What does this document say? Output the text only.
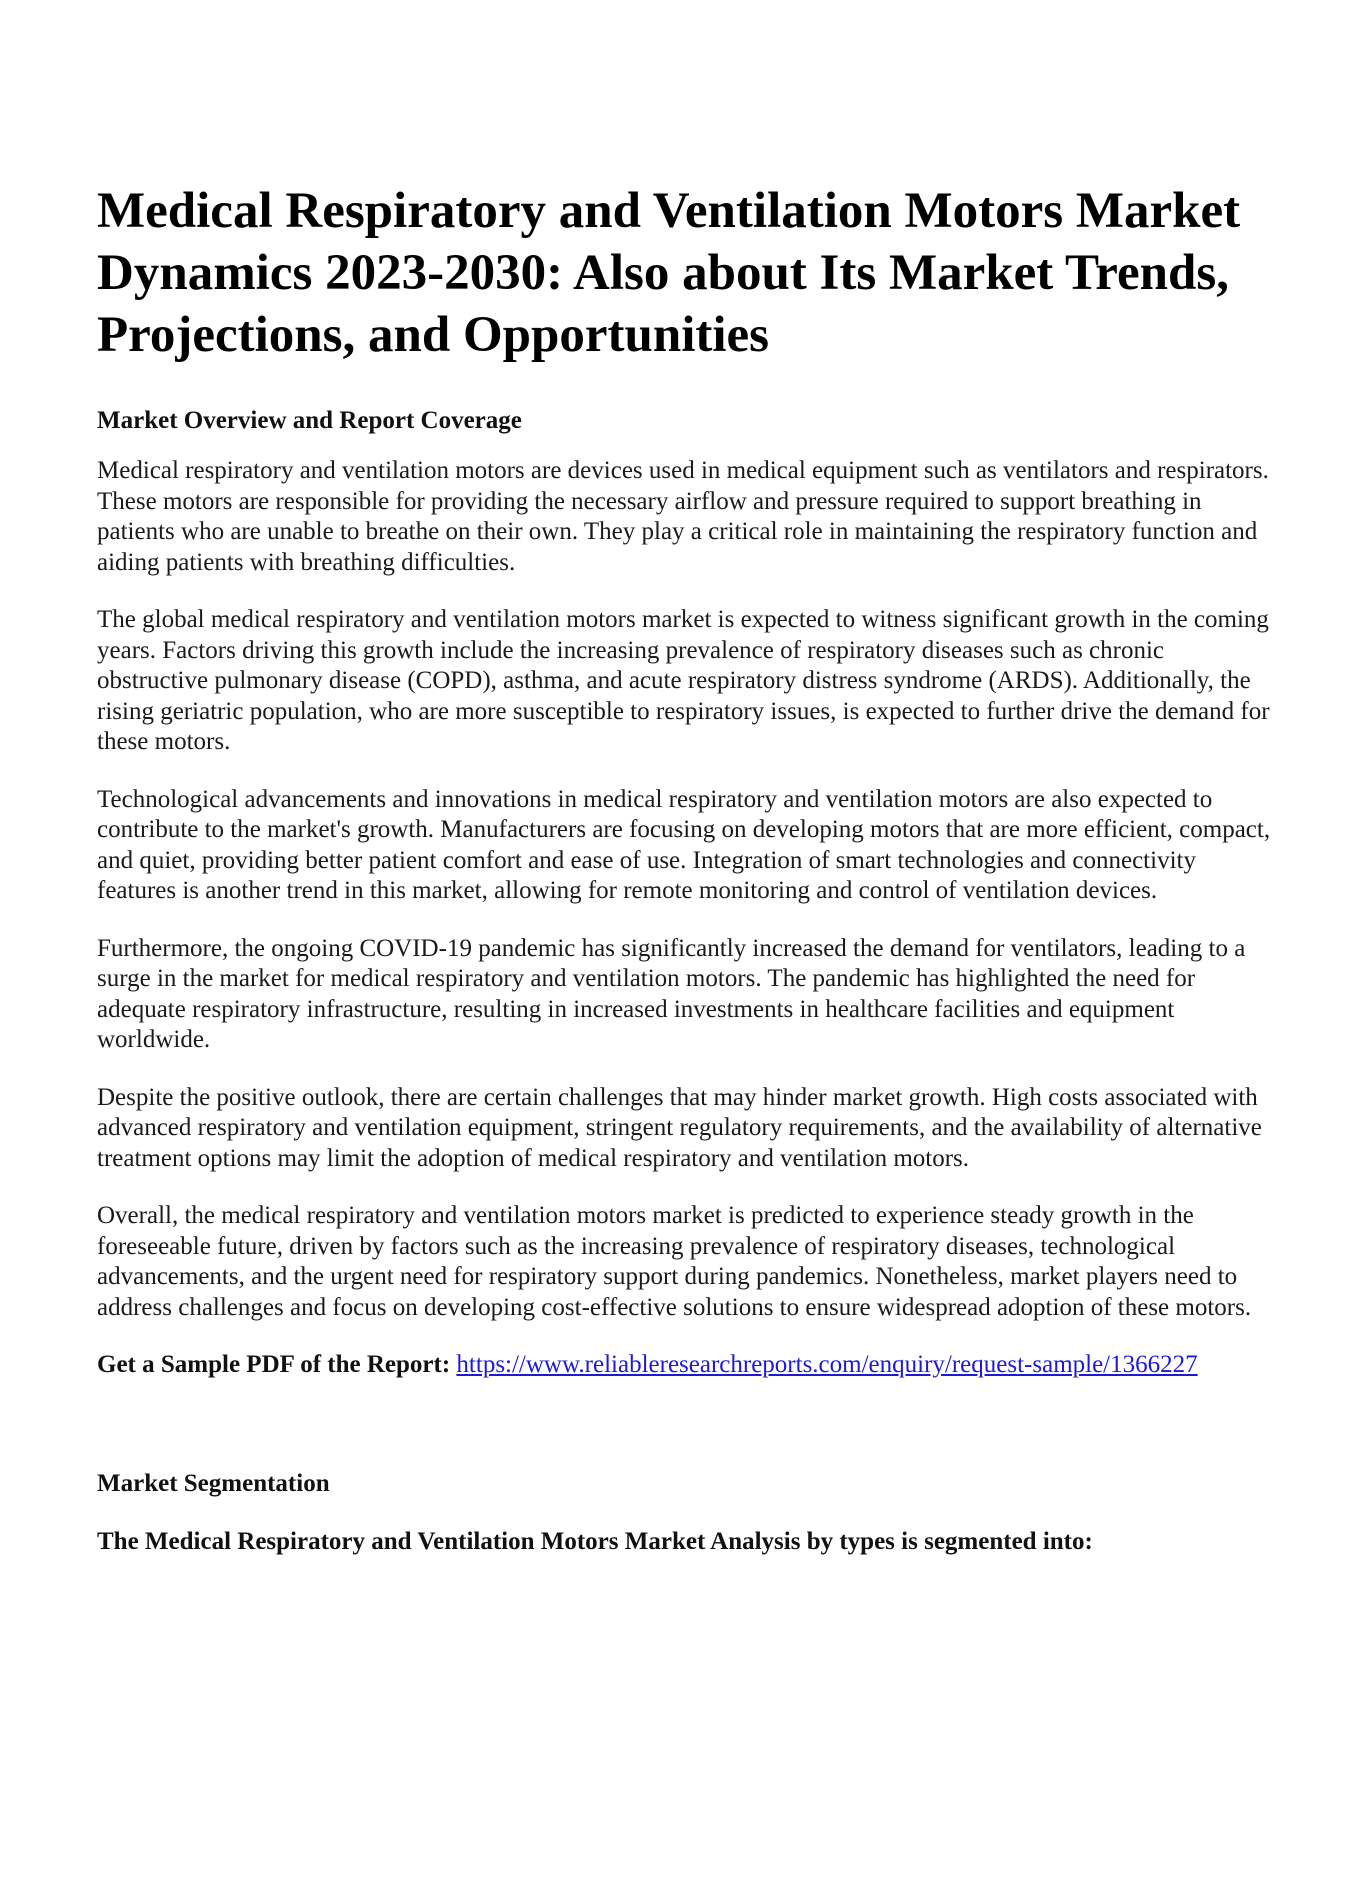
Medical Respiratory and Ventilation Motors Market Dynamics 2023-2030: Also about Its Market Trends, Projections, and Opportunities
Market Overview and Report Coverage

Medical respiratory and ventilation motors are devices used in medical equipment such as ventilators and respirators. These motors are responsible for providing the necessary airflow and pressure required to support breathing in patients who are unable to breathe on their own. They play a critical role in maintaining the respiratory function and aiding patients with breathing difficulties.

The global medical respiratory and ventilation motors market is expected to witness significant growth in the coming years. Factors driving this growth include the increasing prevalence of respiratory diseases such as chronic obstructive pulmonary disease (COPD), asthma, and acute respiratory distress syndrome (ARDS). Additionally, the rising geriatric population, who are more susceptible to respiratory issues, is expected to further drive the demand for these motors.

Technological advancements and innovations in medical respiratory and ventilation motors are also expected to contribute to the market's growth. Manufacturers are focusing on developing motors that are more efficient, compact, and quiet, providing better patient comfort and ease of use. Integration of smart technologies and connectivity features is another trend in this market, allowing for remote monitoring and control of ventilation devices.

Furthermore, the ongoing COVID-19 pandemic has significantly increased the demand for ventilators, leading to a surge in the market for medical respiratory and ventilation motors. The pandemic has highlighted the need for adequate respiratory infrastructure, resulting in increased investments in healthcare facilities and equipment worldwide.

Despite the positive outlook, there are certain challenges that may hinder market growth. High costs associated with advanced respiratory and ventilation equipment, stringent regulatory requirements, and the availability of alternative treatment options may limit the adoption of medical respiratory and ventilation motors.

Overall, the medical respiratory and ventilation motors market is predicted to experience steady growth in the foreseeable future, driven by factors such as the increasing prevalence of respiratory diseases, technological advancements, and the urgent need for respiratory support during pandemics. Nonetheless, market players need to address challenges and focus on developing cost-effective solutions to ensure widespread adoption of these motors.

Get a Sample PDF of the Report: https://www.reliableresearchreports.com/enquiry/request-sample/1366227

Market Segmentation
The Medical Respiratory and Ventilation Motors Market Analysis by types is segmented into:
